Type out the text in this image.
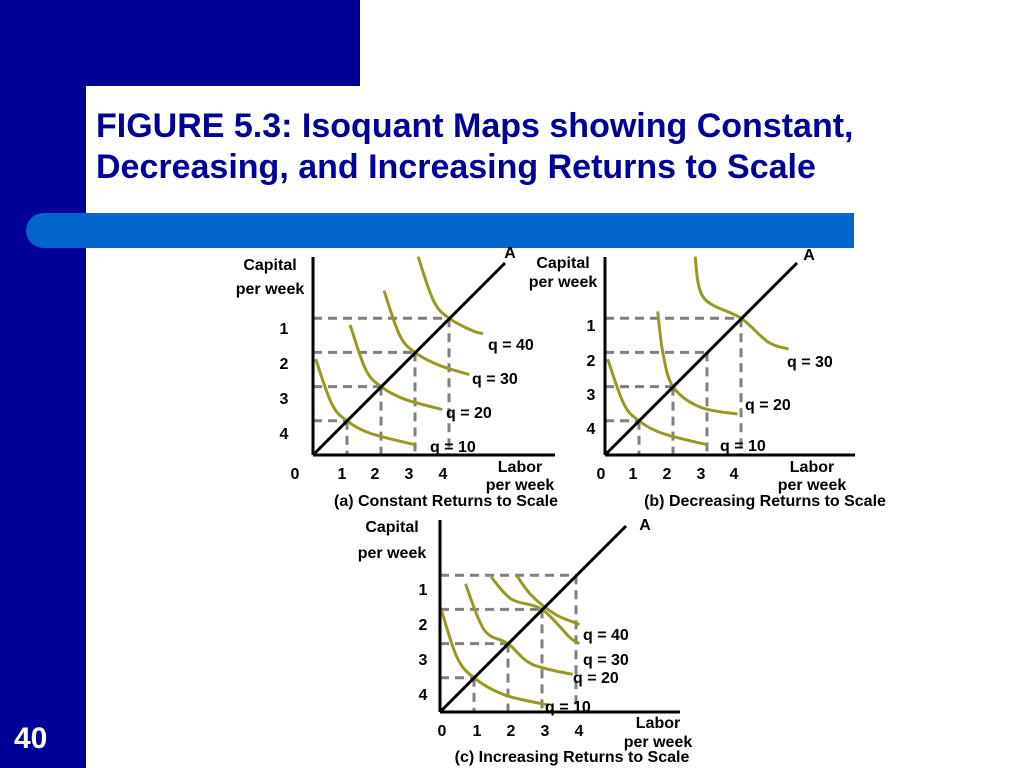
FIGURE 5.3: Isoquant Maps showing Constant,
Decreasing, and Increasing Returns to Scale
0 1 2 3 4
1
2
3
4
Capital
per week
Labor
per week
A
(a) Constant Returns to Scale
q = 10
q = 20
q = 30
q = 40
0 1 2 3 4
1
2
3
4
Capital
per week
Labor
per week
A
(b) Decreasing Returns to Scale
q = 10
q = 20
q = 30
0 1 2 3 4
1
2
3
4
Capital
per week
Labor
per week
A
(c) Increasing Returns to Scale
q = 10
q = 20
q = 30
q = 40
40
